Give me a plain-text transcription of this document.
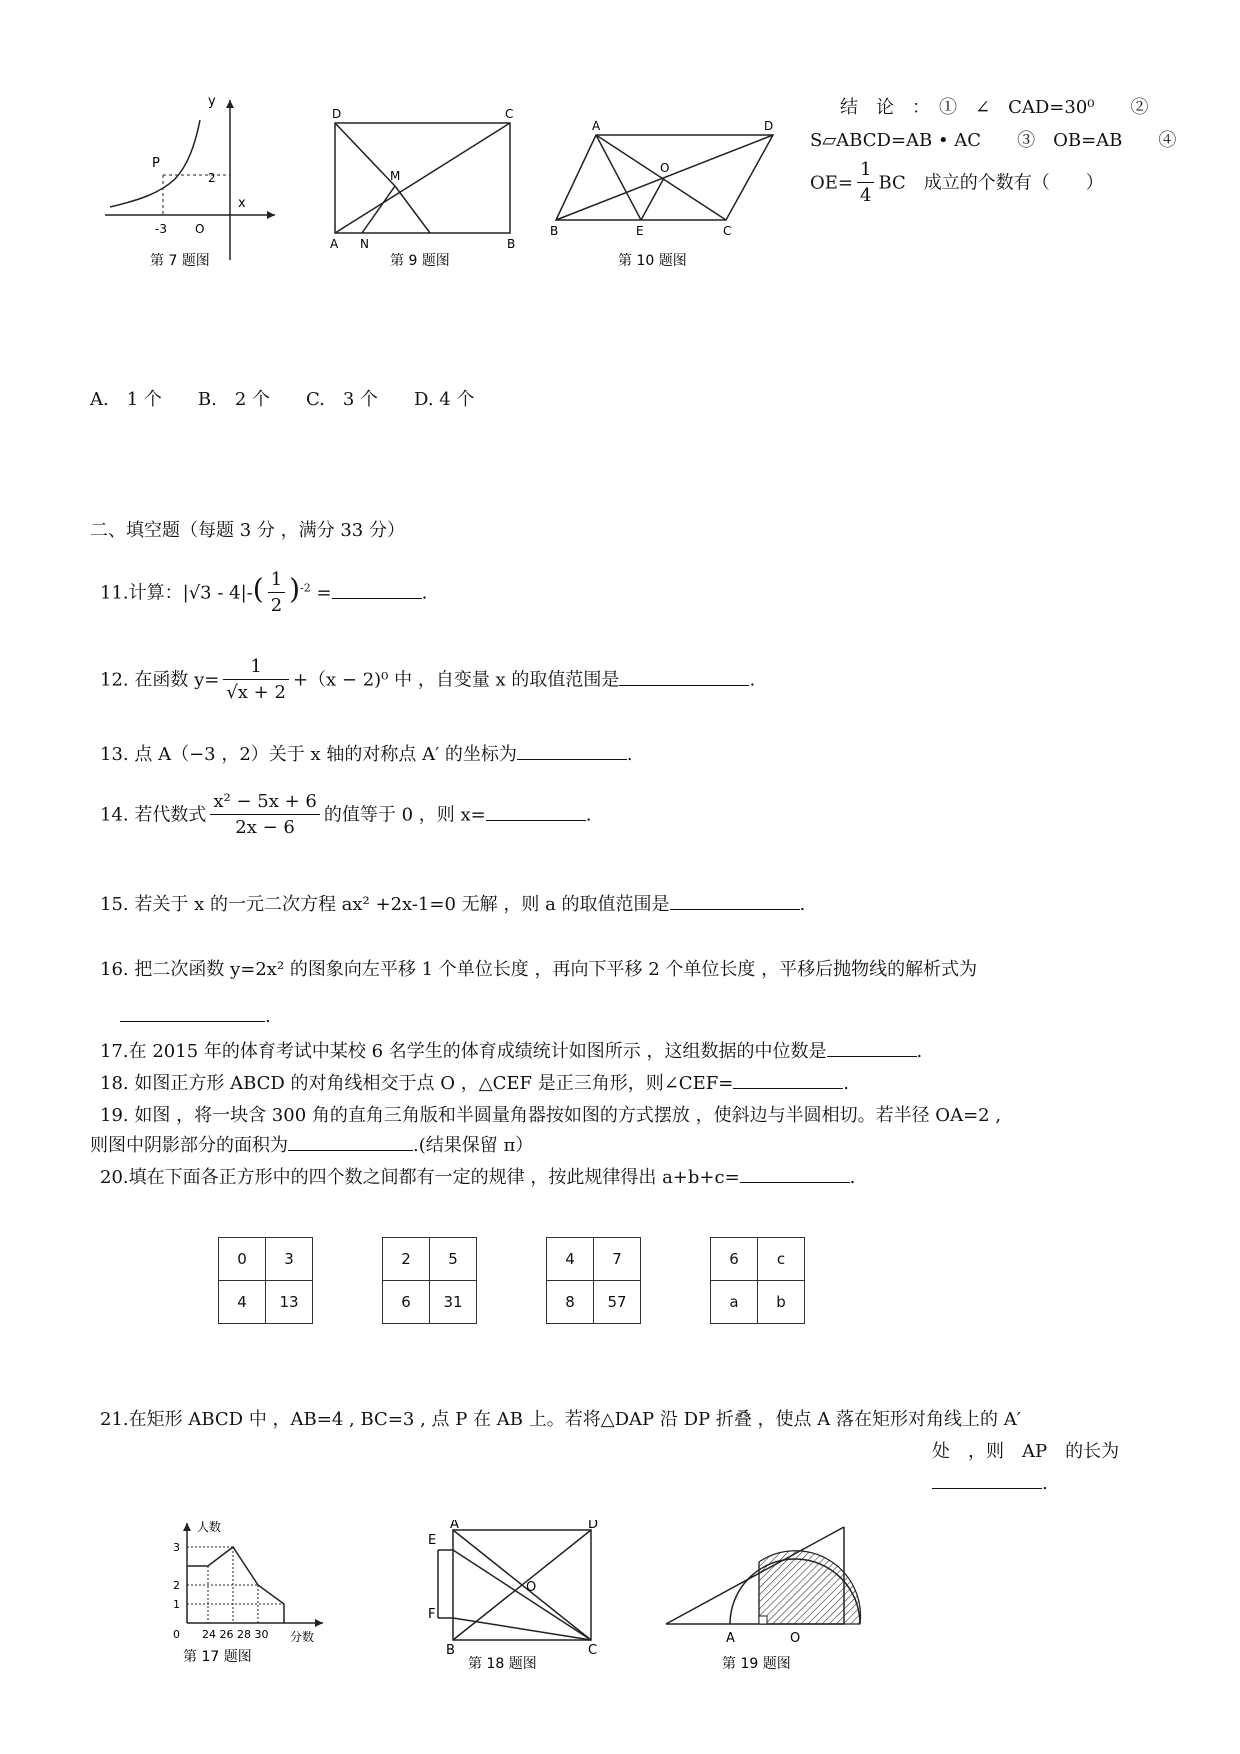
y
x
P
2
-3 O
第 7 题图
D	C
M
A N	B
第 9 题图
A	D
O
B	E	C
第 10 题图
结　论　：　①　∠　CAD=30⁰　　②
S▱ABCD=AB • AC　　③　OB=AB　　④
$OE= \frac{1}{4}$ BC　成立的个数有（　　）
A.　1 个　　B.　2 个　　C.　3 个　　D. 4 个
二、填空题（每题 3 分 ，满分 33 分）
11.计算：$|√3 - 4|-( \frac{1}{2} )^{-2}$ =	.
12. 在函数 $y= \frac{1}{√x + 2} +(x - 2)^0$ 中 ，自变量 x 的取值范围是	.
13. 点 A（−3 ，2）关于 x 轴的对称点 A′ 的坐标为	.
14. 若代数式 $\frac{\text{x² − 5x + 6}}{2x - 6}$ 的值等于 0 ，则 x=	.
15. 若关于 x 的一元二次方程 ax² +2x-1=0 无解 ，则 a 的取值范围是	.
16. 把二次函数 y=2x² 的图象向左平移 1 个单位长度 ，再向下平移 2 个单位长度 ，平移后抛物线的解析式为
.
17.在 2015 年的体育考试中某校 6 名学生的体育成绩统计如图所示 ，这组数据的中位数是	.
18. 如图正方形 ABCD 的对角线相交于点 O ，△CEF 是正三角形，则∠CEF=	.
19. 如图 ，将一块含 300 角的直角三角版和半圆量角器按如图的方式摆放 ，使斜边与半圆相切。若半径 OA=2 ,
则图中阴影部分的面积为	.(结果保留 π）
20.填在下面各正方形中的四个数之间都有一定的规律 ，按此规律得出 a+b+c=	.
0	3
4	13
2	5
6	31
4	7
8	57
6	c
a	b
21.在矩形 ABCD 中 ，AB=4 , BC=3 , 点 P 在 AB 上。若将△DAP 沿 DP 折叠 ，使点 A 落在矩形对角线上的 A′
处　，则　AP　的长为
.
人数
3
2
1
0 24 26 28 30 分数
第 17 题图
A	D
E
O
F
B	C
第 18 题图
A	O
第 19 题图
